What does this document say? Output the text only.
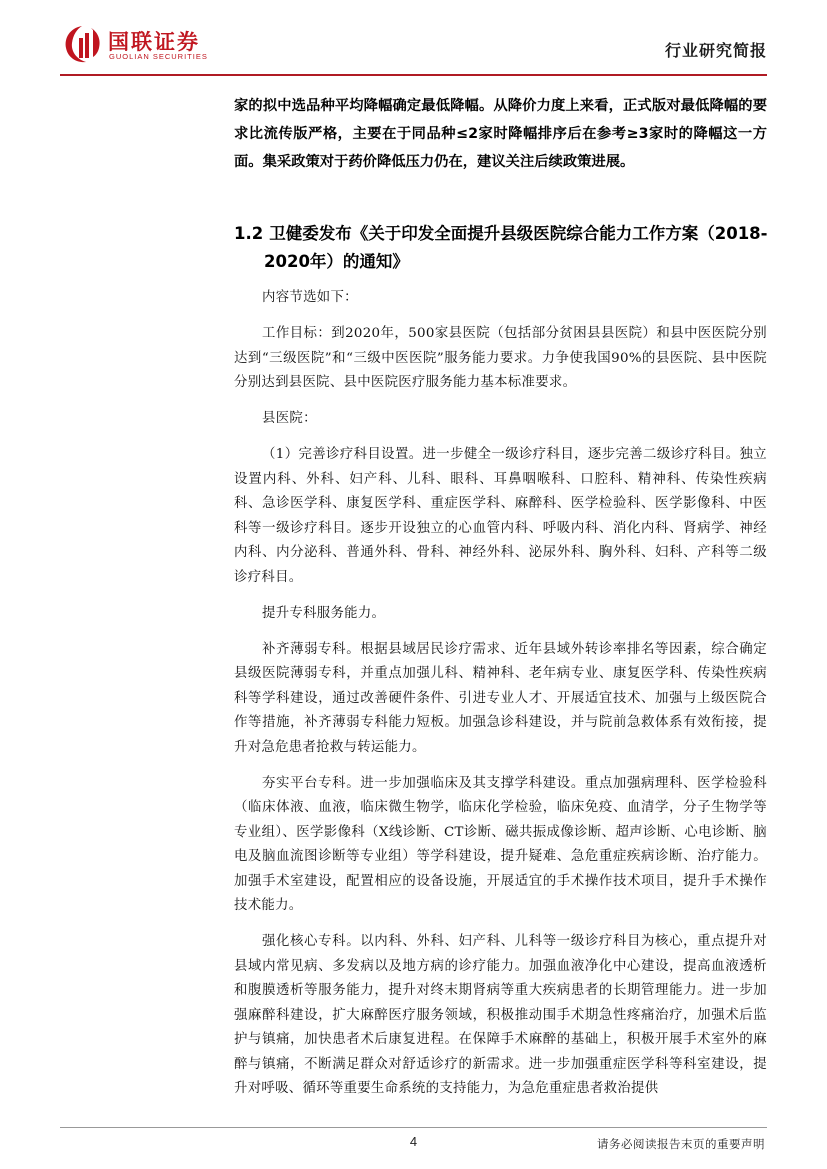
国联证券
GUOLIAN SECURITIES	行业研究简报

家的拟中选品种平均降幅确定最低降幅。从降价力度上来看，正式版对最低降幅的要求比流传版严格，主要在于同品种≤2家时降幅排序后在参考≥3家时的降幅这一方面。集采政策对于药价降低压力仍在，建议关注后续政策进展。

1.2 卫健委发布《关于印发全面提升县级医院综合能力工作方案（2018-
2020年）的通知》

内容节选如下：

工作目标：到2020年，500家县医院（包括部分贫困县县医院）和县中医医院分别达到“三级医院”和“三级中医医院”服务能力要求。力争使我国90%的县医院、县中医院分别达到县医院、县中医院医疗服务能力基本标准要求。

县医院：

（1）完善诊疗科目设置。进一步健全一级诊疗科目，逐步完善二级诊疗科目。独立设置内科、外科、妇产科、儿科、眼科、耳鼻咽喉科、口腔科、精神科、传染性疾病科、急诊医学科、康复医学科、重症医学科、麻醉科、医学检验科、医学影像科、中医科等一级诊疗科目。逐步开设独立的心血管内科、呼吸内科、消化内科、肾病学、神经内科、内分泌科、普通外科、骨科、神经外科、泌尿外科、胸外科、妇科、产科等二级诊疗科目。

提升专科服务能力。

补齐薄弱专科。根据县域居民诊疗需求、近年县域外转诊率排名等因素，综合确定县级医院薄弱专科，并重点加强儿科、精神科、老年病专业、康复医学科、传染性疾病科等学科建设，通过改善硬件条件、引进专业人才、开展适宜技术、加强与上级医院合作等措施，补齐薄弱专科能力短板。加强急诊科建设，并与院前急救体系有效衔接，提升对急危患者抢救与转运能力。

夯实平台专科。进一步加强临床及其支撑学科建设。重点加强病理科、医学检验科（临床体液、血液，临床微生物学，临床化学检验，临床免疫、血清学，分子生物学等专业组）、医学影像科（X线诊断、CT诊断、磁共振成像诊断、超声诊断、心电诊断、脑电及脑血流图诊断等专业组）等学科建设，提升疑难、急危重症疾病诊断、治疗能力。加强手术室建设，配置相应的设备设施，开展适宜的手术操作技术项目，提升手术操作技术能力。

强化核心专科。以内科、外科、妇产科、儿科等一级诊疗科目为核心，重点提升对县域内常见病、多发病以及地方病的诊疗能力。加强血液净化中心建设，提高血液透析和腹膜透析等服务能力，提升对终末期肾病等重大疾病患者的长期管理能力。进一步加强麻醉科建设，扩大麻醉医疗服务领域，积极推动围手术期急性疼痛治疗，加强术后监护与镇痛，加快患者术后康复进程。在保障手术麻醉的基础上，积极开展手术室外的麻醉与镇痛，不断满足群众对舒适诊疗的新需求。进一步加强重症医学科等科室建设，提升对呼吸、循环等重要生命系统的支持能力，为急危重症患者救治提供

4	请务必阅读报告末页的重要声明
